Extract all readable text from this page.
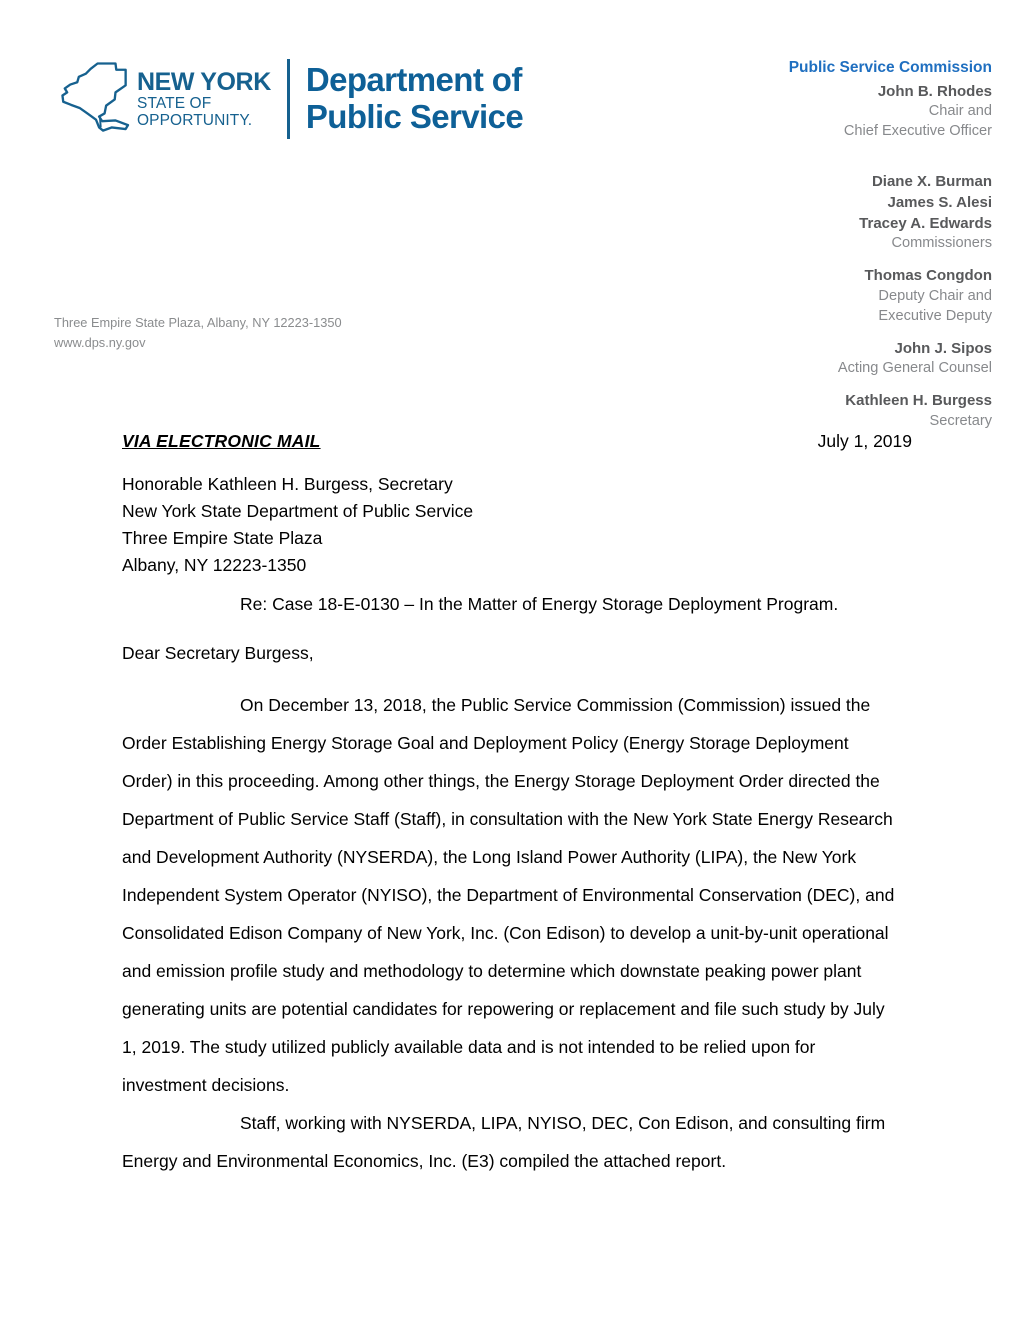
NEW YORK
STATE OF
OPPORTUNITY.
Department of
Public Service
Three Empire State Plaza, Albany, NY 12223-1350
www.dps.ny.gov
Public Service Commission
John B. Rhodes
Chair and
Chief Executive Officer
Diane X. Burman
James S. Alesi
Tracey A. Edwards
Commissioners
Thomas Congdon
Deputy Chair and
Executive Deputy
John J. Sipos
Acting General Counsel
Kathleen H. Burgess
Secretary
VIA ELECTRONIC MAIL	July 1, 2019
Honorable Kathleen H. Burgess, Secretary
New York State Department of Public Service
Three Empire State Plaza
Albany, NY 12223-1350
Re: Case 18-E-0130 – In the Matter of Energy Storage Deployment Program.
Dear Secretary Burgess,

On December 13, 2018, the Public Service Commission (Commission) issued the Order Establishing Energy Storage Goal and Deployment Policy (Energy Storage Deployment Order) in this proceeding. Among other things, the Energy Storage Deployment Order directed the Department of Public Service Staff (Staff), in consultation with the New York State Energy Research and Development Authority (NYSERDA), the Long Island Power Authority (LIPA), the New York Independent System Operator (NYISO), the Department of Environmental Conservation (DEC), and Consolidated Edison Company of New York, Inc. (Con Edison) to develop a unit-by-unit operational and emission profile study and methodology to determine which downstate peaking power plant generating units are potential candidates for repowering or replacement and file such study by July 1, 2019. The study utilized publicly available data and is not intended to be relied upon for investment decisions.

Staff, working with NYSERDA, LIPA, NYISO, DEC, Con Edison, and consulting firm Energy and Environmental Economics, Inc. (E3) compiled the attached report.
